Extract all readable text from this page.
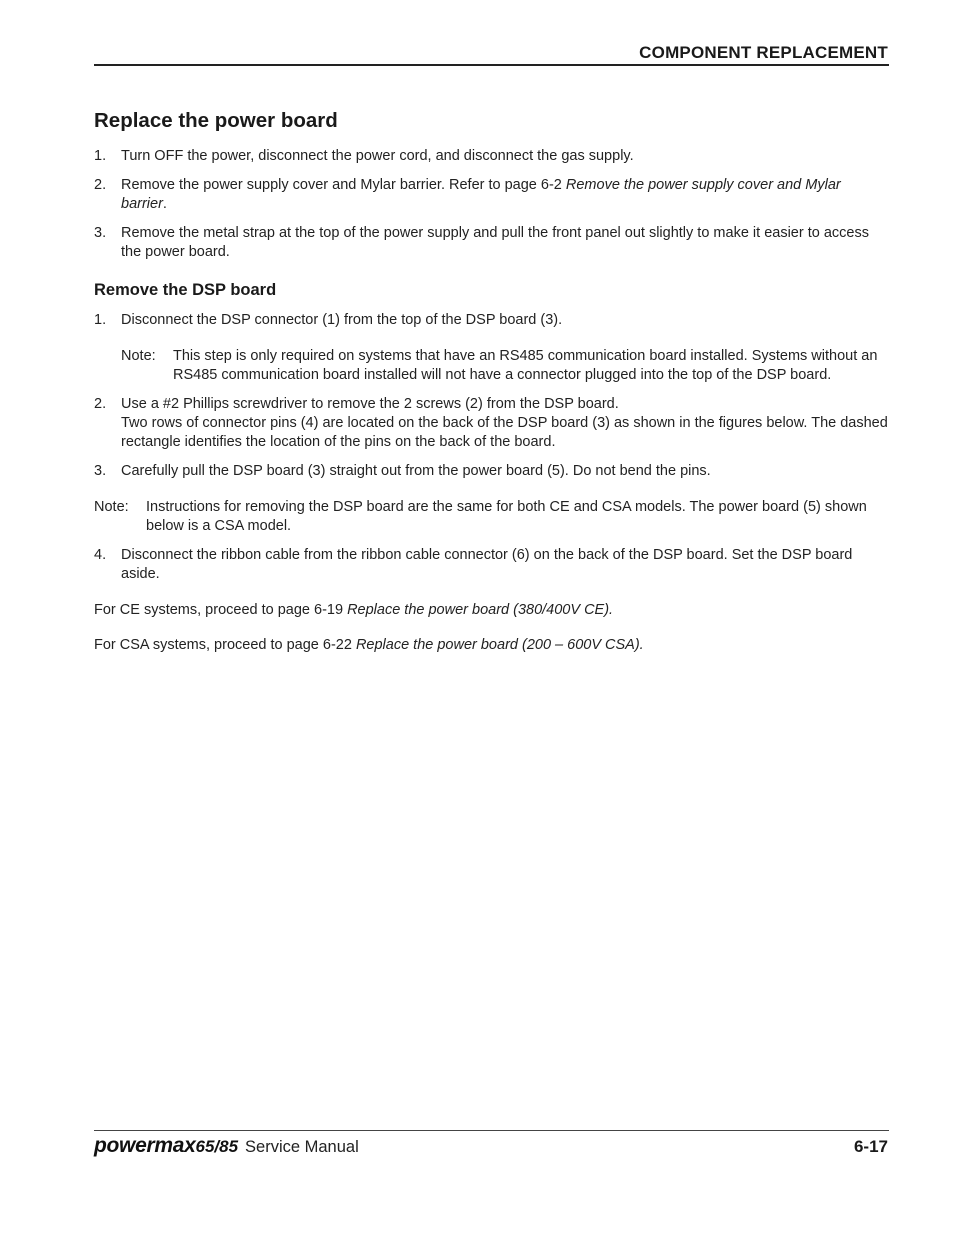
COMPONENT REPLACEMENT
Replace the power board
1. Turn OFF the power, disconnect the power cord, and disconnect the gas supply.
2. Remove the power supply cover and Mylar barrier. Refer to page 6-2 Remove the power supply cover and Mylar barrier.
3. Remove the metal strap at the top of the power supply and pull the front panel out slightly to make it easier to access the power board.
Remove the DSP board
1. Disconnect the DSP connector (1) from the top of the DSP board (3).
Note: This step is only required on systems that have an RS485 communication board installed. Systems without an RS485 communication board installed will not have a connector plugged into the top of the DSP board.
2. Use a #2 Phillips screwdriver to remove the 2 screws (2) from the DSP board.
Two rows of connector pins (4) are located on the back of the DSP board (3) as shown in the figures below. The dashed rectangle identifies the location of the pins on the back of the board.
3. Carefully pull the DSP board (3) straight out from the power board (5). Do not bend the pins.
Note: Instructions for removing the DSP board are the same for both CE and CSA models. The power board (5) shown below is a CSA model.
4. Disconnect the ribbon cable from the ribbon cable connector (6) on the back of the DSP board. Set the DSP board aside.
For CE systems, proceed to page 6-19 Replace the power board (380/400V CE).
For CSA systems, proceed to page 6-22 Replace the power board (200 – 600V CSA).
powermax 65/85 Service Manual	6-17
